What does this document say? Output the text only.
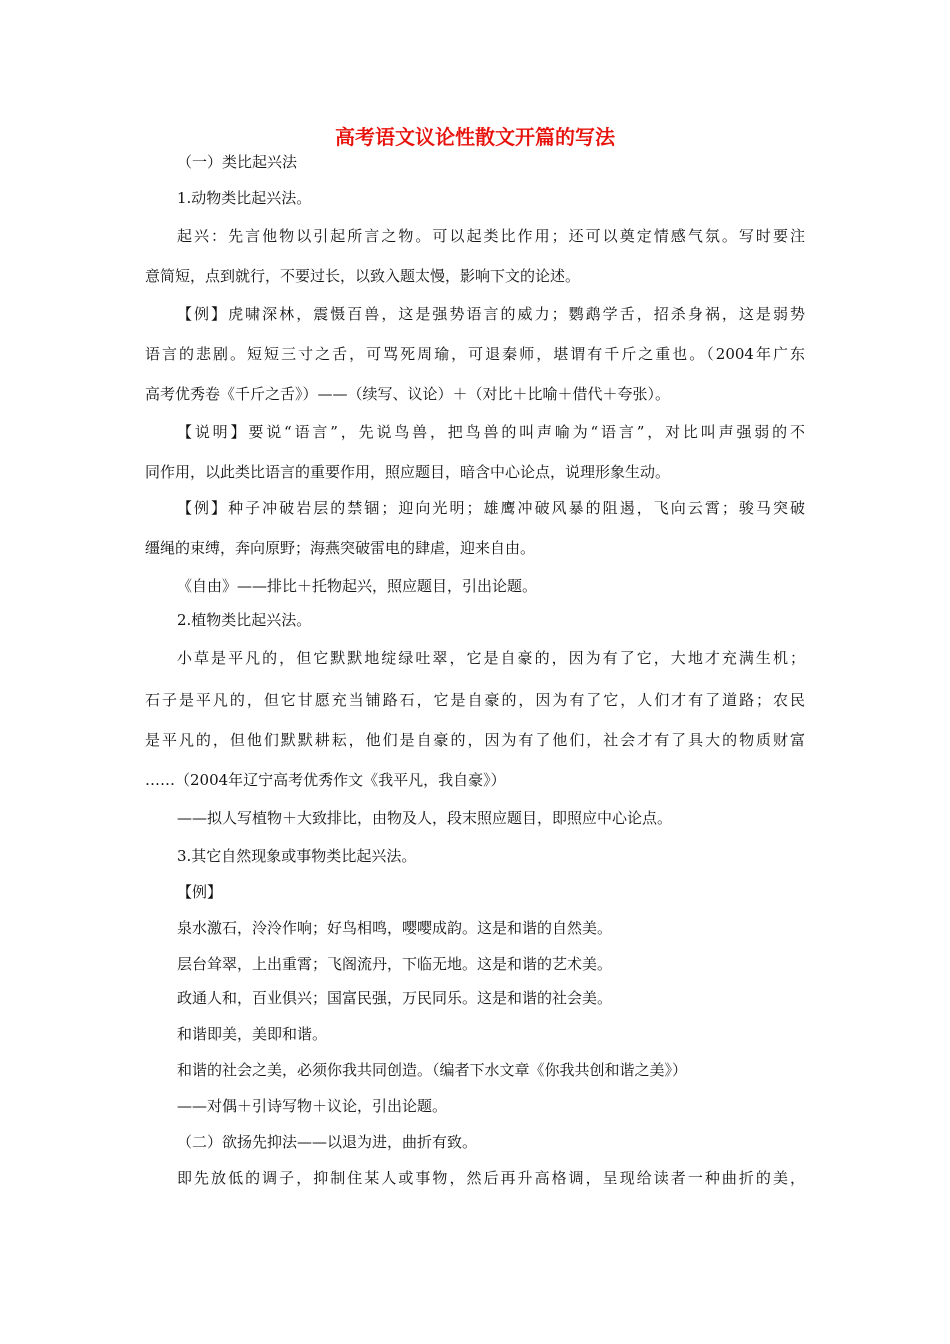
高考语文议论性散文开篇的写法
（一）类比起兴法
1.动物类比起兴法。
起兴：先言他物以引起所言之物。可以起类比作用；还可以奠定情感气氛。写时要注
意简短，点到就行，不要过长，以致入题太慢，影响下文的论述。
【例】虎啸深林，震慑百兽，这是强势语言的威力；鹦鹉学舌，招杀身祸，这是弱势
语言的悲剧。短短三寸之舌，可骂死周瑜，可退秦师，堪谓有千斤之重也。（2004年广东
高考优秀卷《千斤之舌》）——（续写、议论）＋（对比＋比喻＋借代＋夸张）。
【说明】要说“语言”，先说鸟兽，把鸟兽的叫声喻为“语言”，对比叫声强弱的不
同作用，以此类比语言的重要作用，照应题目，暗含中心论点，说理形象生动。
【例】种子冲破岩层的禁锢；迎向光明；雄鹰冲破风暴的阻遏，飞向云霄；骏马突破
缰绳的束缚，奔向原野；海燕突破雷电的肆虐，迎来自由。
《自由》——排比＋托物起兴，照应题目，引出论题。
2.植物类比起兴法。
小草是平凡的，但它默默地绽绿吐翠，它是自豪的，因为有了它，大地才充满生机；
石子是平凡的，但它甘愿充当铺路石，它是自豪的，因为有了它，人们才有了道路；农民
是平凡的，但他们默默耕耘，他们是自豪的，因为有了他们，社会才有了具大的物质财富
……（2004年辽宁高考优秀作文《我平凡，我自豪》）
——拟人写植物＋大致排比，由物及人，段末照应题目，即照应中心论点。
3.其它自然现象或事物类比起兴法。
【例】
泉水激石，泠泠作响；好鸟相鸣，嘤嘤成韵。这是和谐的自然美。
层台耸翠，上出重霄；飞阁流丹，下临无地。这是和谐的艺术美。
政通人和，百业俱兴；国富民强，万民同乐。这是和谐的社会美。
和谐即美，美即和谐。
和谐的社会之美，必须你我共同创造。（编者下水文章《你我共创和谐之美》）
——对偶＋引诗写物＋议论，引出论题。
（二）欲扬先抑法——以退为进，曲折有致。
即先放低的调子，抑制住某人或事物，然后再升高格调，呈现给读者一种曲折的美，
